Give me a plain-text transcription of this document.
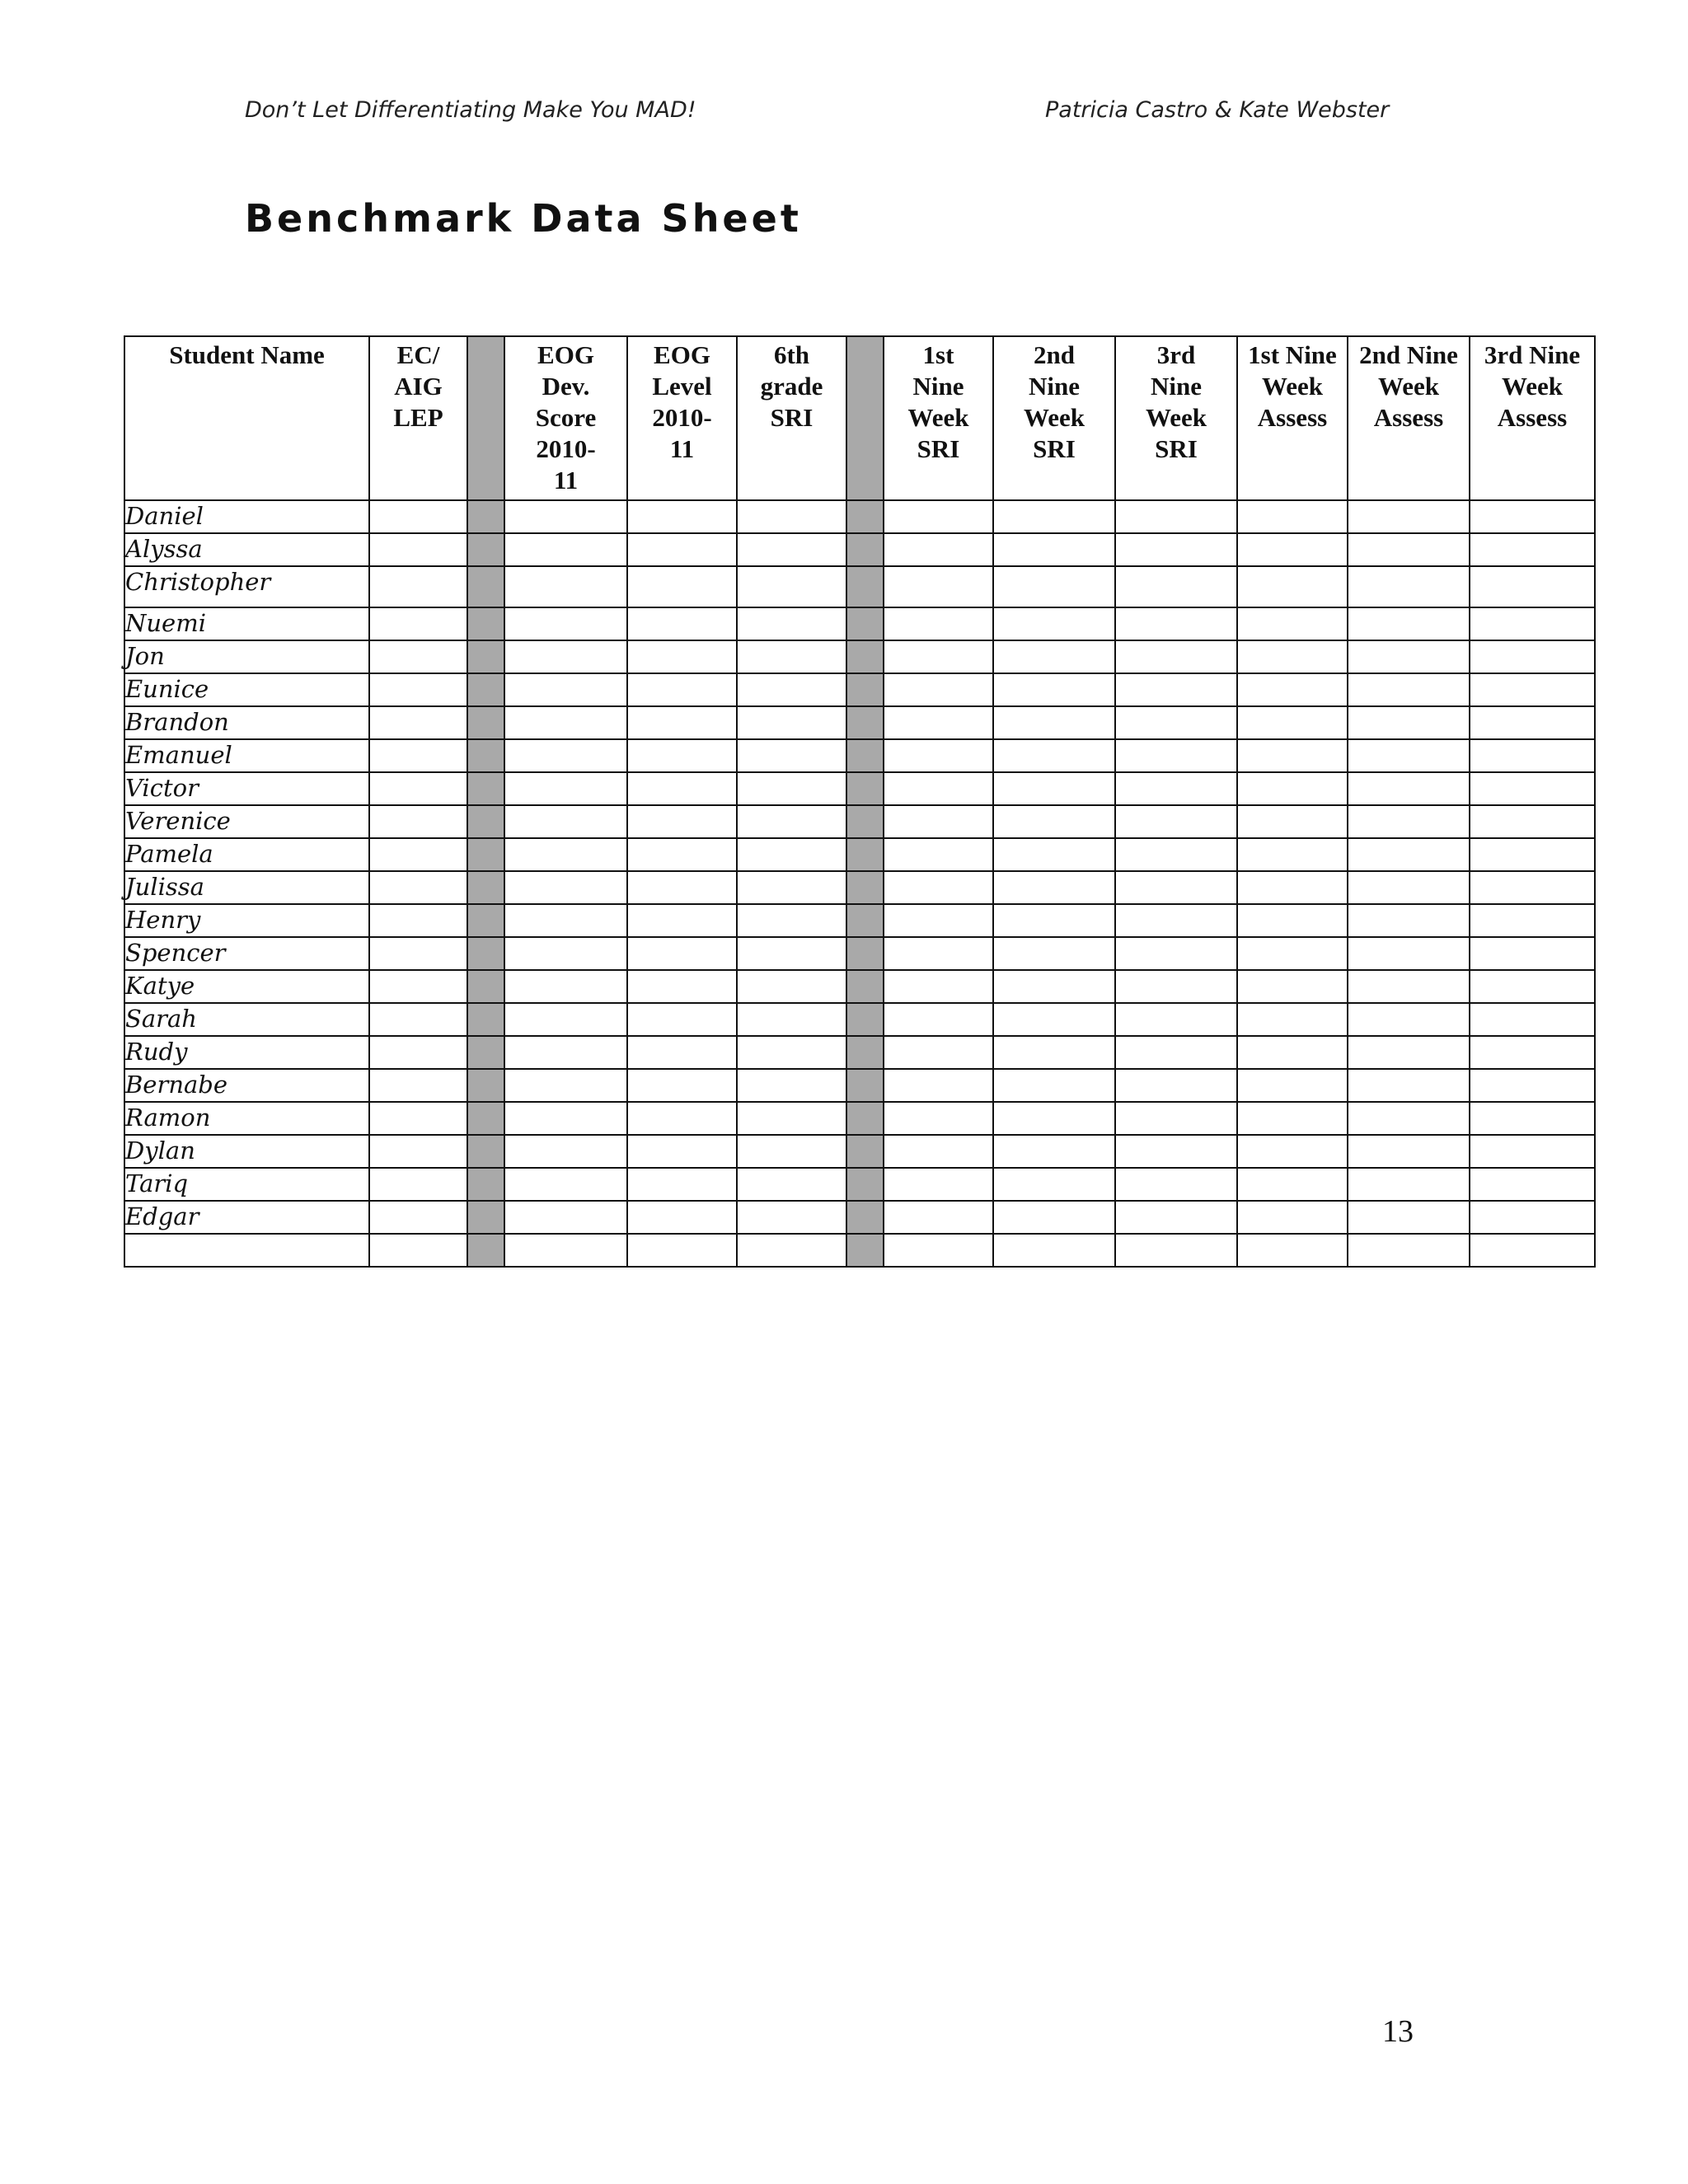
Don’t Let Differentiating Make You MAD!	Patricia Castro & Kate Webster
Benchmark Data Sheet
Student Name	EC/
AIG
LEP		EOG
Dev.
Score
2010-
11	EOG
Level
2010-
11	6th
grade
SRI		1st
Nine
Week
SRI	2nd
Nine
Week
SRI	3rd
Nine
Week
SRI	1st Nine
Week
Assess	2nd Nine
Week
Assess	3rd Nine
Week
Assess

Daniel												
Alyssa												
Christopher												
Nuemi												
Jon												
Eunice												
Brandon												
Emanuel												
Victor												
Verenice												
Pamela												
Julissa												
Henry												
Spencer												
Katye												
Sarah												
Rudy												
Bernabe												
Ramon												
Dylan												
Tariq												
Edgar												

13
